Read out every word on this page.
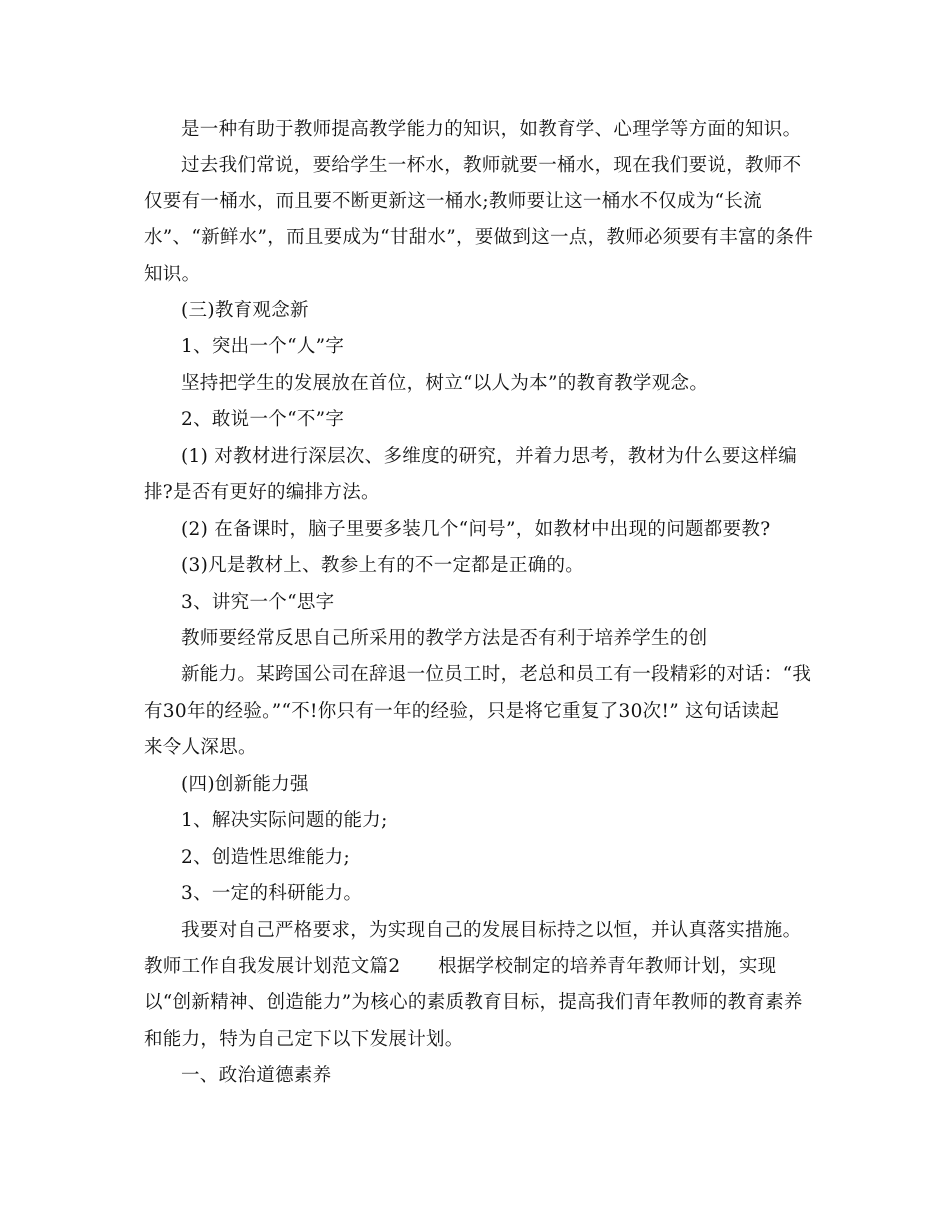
是一种有助于教师提高教学能力的知识，如教育学、心理学等方面的知识。
过去我们常说，要给学生一杯水，教师就要一桶水，现在我们要说，教师不
仅要有一桶水，而且要不断更新这一桶水;教师要让这一桶水不仅成为“长流
水”、“新鲜水”，而且要成为“甘甜水”，要做到这一点，教师必须要有丰富的条件
知识。
(三)教育观念新
1、突出一个“人”字
坚持把学生的发展放在首位，树立“以人为本”的教育教学观念。
2、敢说一个“不”字
(1) 对教材进行深层次、多维度的研究，并着力思考，教材为什么要这样编
排?是否有更好的编排方法。
(2) 在备课时，脑子里要多装几个“问号”，如教材中出现的问题都要教?
(3)凡是教材上、教参上有的不一定都是正确的。
3、讲究一个“思字
教师要经常反思自己所采用的教学方法是否有利于培养学生的创
新能力。某跨国公司在辞退一位员工时，老总和员工有一段精彩的对话：“我
有30年的经验。”“不!你只有一年的经验，只是将它重复了30次!” 这句话读起
来令人深思。
(四)创新能力强
1、解决实际问题的能力;
2、创造性思维能力;
3、一定的科研能力。
我要对自己严格要求，为实现自己的发展目标持之以恒，并认真落实措施。
教师工作自我发展计划范文篇2　　根据学校制定的培养青年教师计划，实现
以“创新精神、创造能力”为核心的素质教育目标，提高我们青年教师的教育素养
和能力，特为自己定下以下发展计划。
一、政治道德素养
